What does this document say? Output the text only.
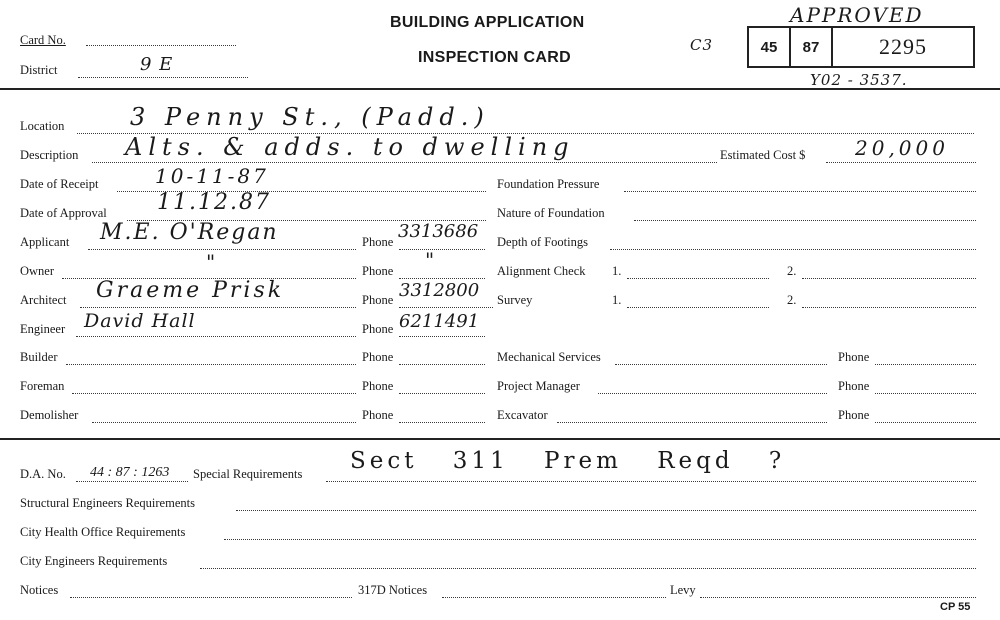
Card No.
District	9 E
BUILDING APPLICATION
INSPECTION CARD
C3
APPROVED
45	87	2295
Y02 - 3537.
Location	3 Penny St., (Padd.)
Description Alts. & adds. to dwelling	Estimated Cost $ 20,000
Date of Receipt	10-11-87	Foundation Pressure
Date of Approval 11.12.87	Nature of Foundation
Applicant M.E. O'Regan	Phone 3313686 Depth of Footings
Owner	"	Phone "	Alignment Check 1.	2.
Architect Graeme Prisk	Phone 3312800 Survey	1.	2.
Engineer David Hall	Phone 6211491
Builder	Phone	Mechanical Services	Phone
Foreman	Phone	Project Manager	Phone
Demolisher	Phone	Excavator	Phone
D.A. No. 44 : 87 : 1263 Special Requirements Sect 311 Prem Reqd ?
Structural Engineers Requirements
City Health Office Requirements
City Engineers Requirements
Notices	317D Notices	Levy
CP 55
